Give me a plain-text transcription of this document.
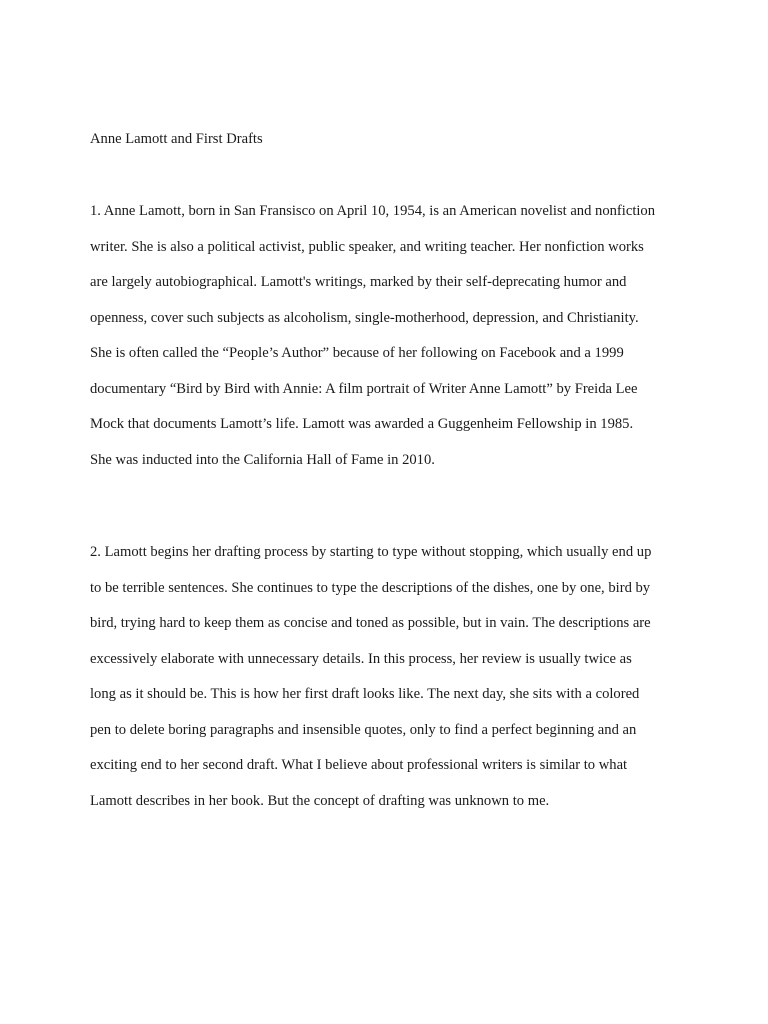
Anne Lamott and First Drafts
1. Anne Lamott, born in San Fransisco on April 10, 1954, is an American novelist and nonfiction
writer. She is also a political activist, public speaker, and writing teacher. Her nonfiction works
are largely autobiographical. Lamott's writings, marked by their self-deprecating humor and
openness, cover such subjects as alcoholism, single-motherhood, depression, and Christianity.
She is often called the “People’s Author” because of her following on Facebook and a 1999
documentary “Bird by Bird with Annie: A film portrait of Writer Anne Lamott” by Freida Lee
Mock that documents Lamott’s life. Lamott was awarded a Guggenheim Fellowship in 1985.
She was inducted into the California Hall of Fame in 2010.
2. Lamott begins her drafting process by starting to type without stopping, which usually end up
to be terrible sentences. She continues to type the descriptions of the dishes, one by one, bird by
bird, trying hard to keep them as concise and toned as possible, but in vain. The descriptions are
excessively elaborate with unnecessary details. In this process, her review is usually twice as
long as it should be. This is how her first draft looks like. The next day, she sits with a colored
pen to delete boring paragraphs and insensible quotes, only to find a perfect beginning and an
exciting end to her second draft. What I believe about professional writers is similar to what
Lamott describes in her book. But the concept of drafting was unknown to me.
